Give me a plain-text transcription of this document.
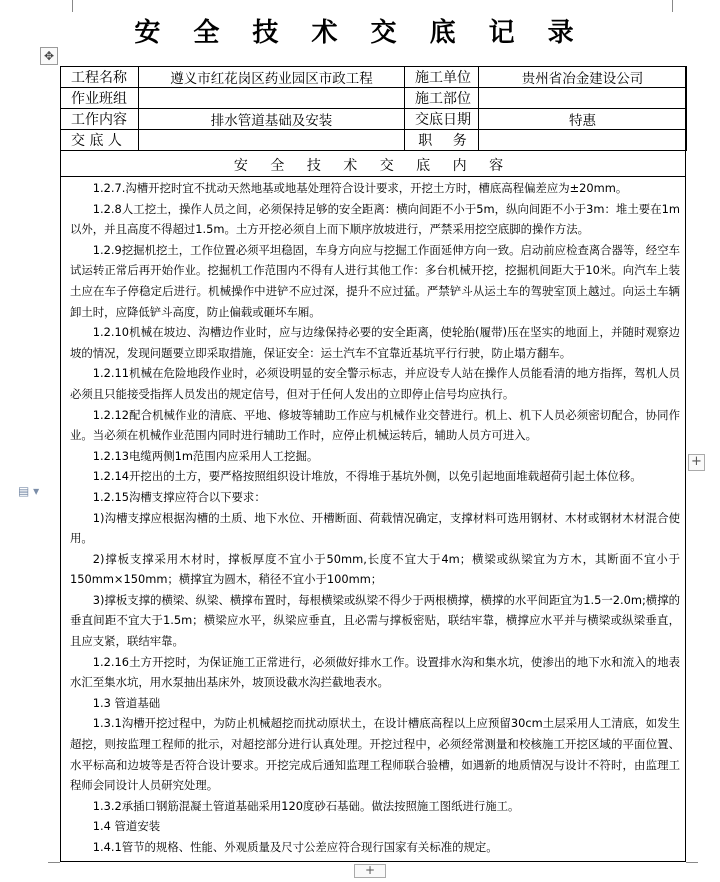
安 全 技 术 交 底 记 录
✥
工程名称	遵义市红花岗区药业园区市政工程	施工单位	贵州省冶金建设公司
作业班组		施工部位	
工作内容	排水管道基础及安装	交底日期	特惠
交 底 人		职 务	
安 全 技 术 交 底 内 容

1.2.7.沟槽开挖时宜不扰动天然地基或地基处理符合设计要求，开挖土方时，槽底高程偏差应为±20mm。

1.2.8人工挖土，操作人员之间，必须保持足够的安全距离：横向间距不小于5m，纵向间距不小于3m：堆土要在1m以外，并且高度不得超过1.5m。土方开挖必须自上而下顺序放坡进行，严禁采用挖空底脚的操作方法。

1.2.9挖掘机挖土，工作位置必须平坦稳固，车身方向应与挖掘工作面延伸方向一致。启动前应检查离合器等，经空车试运转正常后再开始作业。挖掘机工作范围内不得有人进行其他工作：多台机械开挖，挖掘机间距大于10米。向汽车上装土应在车子停稳定后进行。机械操作中进铲不应过深，提升不应过猛。严禁铲斗从运土车的驾驶室顶上越过。向运土车辆卸土时，应降低铲斗高度，防止偏载或砸坏车厢。

1.2.10机械在坡边、沟槽边作业时，应与边缘保持必要的安全距离，使轮胎(履带)压在坚实的地面上，并随时观察边坡的情况，发现问题要立即采取措施，保证安全：运土汽车不宜靠近基坑平行行驶，防止塌方翻车。

1.2.11机械在危险地段作业时，必须设明显的安全警示标志，并应设专人站在操作人员能看清的地方指挥，驾机人员必须且只能接受指挥人员发出的规定信号，但对于任何人发出的立即停止信号均应执行。

1.2.12配合机械作业的清底、平地、修坡等辅助工作应与机械作业交替进行。机上、机下人员必须密切配合，协同作业。当必须在机械作业范围内同时进行辅助工作时，应停止机械运转后，辅助人员方可进入。

1.2.13电缆两侧1m范围内应采用人工挖掘。

1.2.14开挖出的土方，要严格按照组织设计堆放，不得堆于基坑外侧，以免引起地面堆载超荷引起土体位移。

1.2.15沟槽支撑应符合以下要求：

1)沟槽支撑应根据沟槽的土质、地下水位、开槽断面、荷载情况确定，支撑材料可选用钢材、木材或钢材木材混合使用。

2)撑板支撑采用木材时，撑板厚度不宜小于50mm,长度不宜大于4m；横梁或纵梁宜为方木，其断面不宜小于150mm×150mm；横撑宜为圆木，稍径不宜小于100mm；

3)撑板支撑的横梁、纵梁、横撑布置时，每根横梁或纵梁不得少于两根横撑，横撑的水平间距宜为1.5一2.0m;横撑的垂直间距不宜大于1.5m；横梁应水平，纵梁应垂直，且必需与撑板密贴，联结牢靠，横撑应水平并与横梁或纵梁垂直，且应支紧，联结牢靠。

1.2.16土方开挖时，为保证施工正常进行，必须做好排水工作。设置排水沟和集水坑，使渗出的地下水和流入的地表水汇至集水坑，用水泵抽出基床外，坡顶设截水沟拦截地表水。

1.3 管道基础

1.3.1沟槽开挖过程中，为防止机械超挖而扰动原状土，在设计槽底高程以上应预留30cm土层采用人工清底，如发生超挖，则按监理工程师的批示，对超挖部分进行认真处理。开挖过程中，必须经常测量和校核施工开挖区域的平面位置、水平标高和边坡等是否符合设计要求。开挖完成后通知监理工程师联合验槽，如遇新的地质情况与设计不符时，由监理工程师会同设计人员研究处理。

1.3.2承插口钢筋混凝土管道基础采用120度砂石基础。做法按照施工图纸进行施工。

1.4 管道安装

1.4.1管节的规格、性能、外观质量及尺寸公差应符合现行国家有关标准的规定。

▤ ▾
+
+
